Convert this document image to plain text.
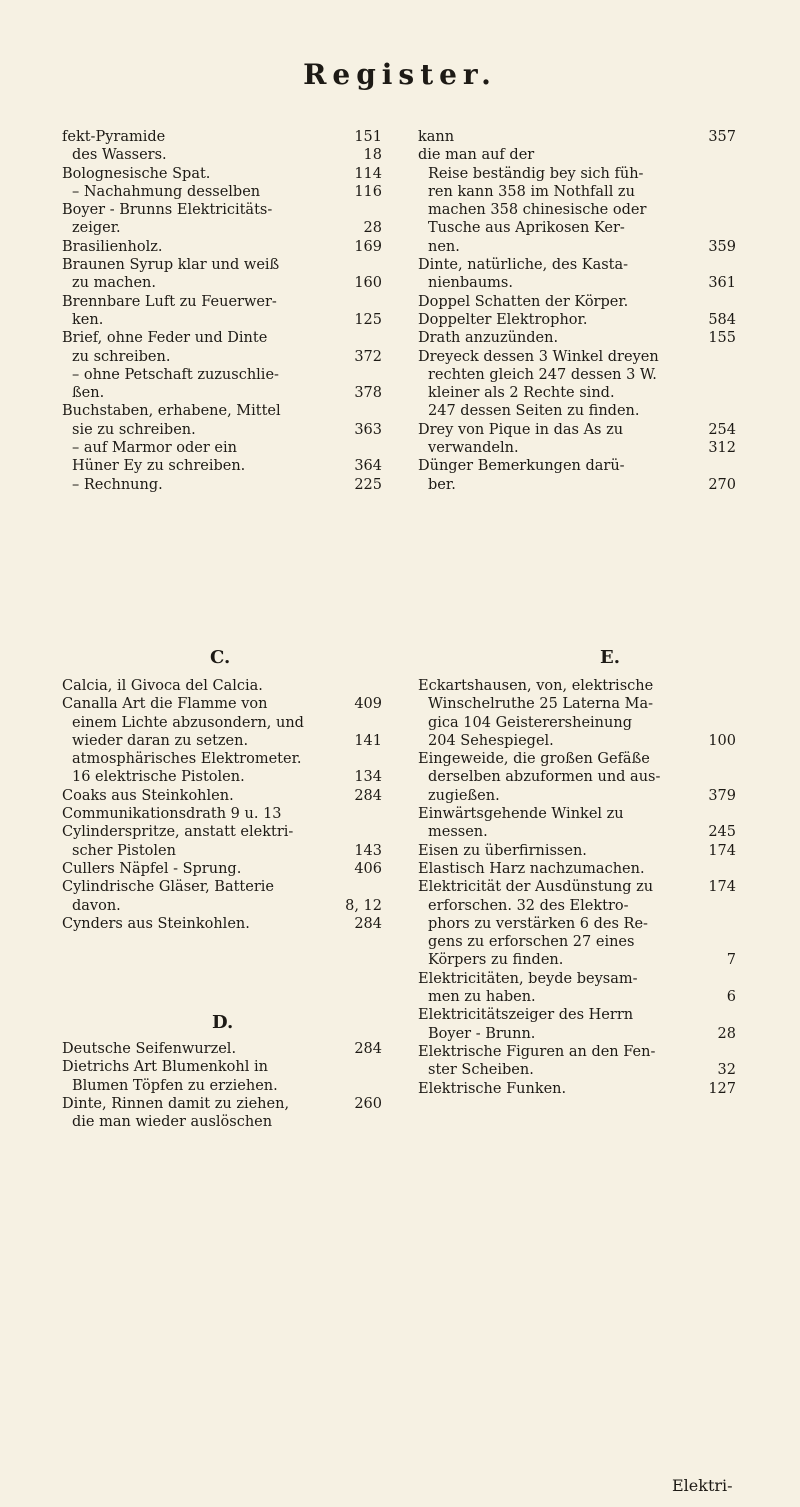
Register.
151
fekt-Pyramide
18
des Wassers.
114
Bolognesische Spat.
116
– Nachahmung desselben
Boyer - Brunns Elektricitäts-
28
zeiger.
169
Brasilienholz.
Braunen Syrup klar und weiß
160
zu machen.
Brennbare Luft zu Feuerwer-
125
ken.
Brief, ohne Feder und Dinte
372
zu schreiben.
– ohne Petschaft zuzuschlie-
378
ßen.
Buchstaben, erhabene, Mittel
363
sie zu schreiben.
– auf Marmor oder ein
364
Hüner Ey zu schreiben.
225
– Rechnung.
357
kann
die man auf der
Reise beständig bey sich füh-
ren kann 358 im Nothfall zu
machen 358 chinesische oder
Tusche aus Aprikosen Ker-
359
nen.
Dinte, natürliche, des Kasta-
361
nienbaums.
Doppel Schatten der Körper.
84
5
Doppelter Elektrophor.
155
Drath anzuzünden.
Dreyeck dessen 3 Winkel dreyen
rechten gleich 247 dessen 3 W.
kleiner als 2 Rechte sind.
247 dessen Seiten zu finden.
254
Drey von Pique in das As zu
312
verwandeln.
Dünger Bemerkungen darü-
270
ber.
C.	E.
Calcia, il Givoca del Calcia.
409
Canalla Art die Flamme von
einem Lichte abzusondern, und
141
wieder daran zu setzen.
atmosphärisches Elektrometer.
134
16 elektrische Pistolen.
284
Coaks aus Steinkohlen.
Communikationsdrath 9 u. 13
Cylinderspritze, anstatt elektri-
143
scher Pistolen
406
Cullers Näpfel - Sprung.
Cylindrische Gläser, Batterie
8, 12
davon.
284
Cynders aus Steinkohlen.
Eckartshausen, von, elektrische
Winschelruthe 25 Laterna Ma-
gica 104 Geisterersheinung
100
204 Sehespiegel.
Eingeweide, die großen Gefäße
derselben abzuformen und aus-
379
zugießen.
Einwärtsgehende Winkel zu
245
messen.
174
Eisen zu überfirnissen.
Elastisch Harz nachzumachen.
174
Elektricität der Ausdünstung zu
erforschen. 32 des Elektro-
phors zu verstärken 6 des Re-
gens zu erforschen 27 eines
7
Körpers zu finden.
Elektricitäten, beyde beysam-
6
men zu haben.
Elektricitätszeiger des Herrn
28
Boyer - Brunn.
Elektrische Figuren an den Fen-
32
ster Scheiben.
127
Elektrische Funken.
D.
284
Deutsche Seifenwurzel.
Dietrichs Art Blumenkohl in
Blumen Töpfen zu erziehen.
260
Dinte, Rinnen damit zu ziehen,
die man wieder auslöschen
Elektri-
